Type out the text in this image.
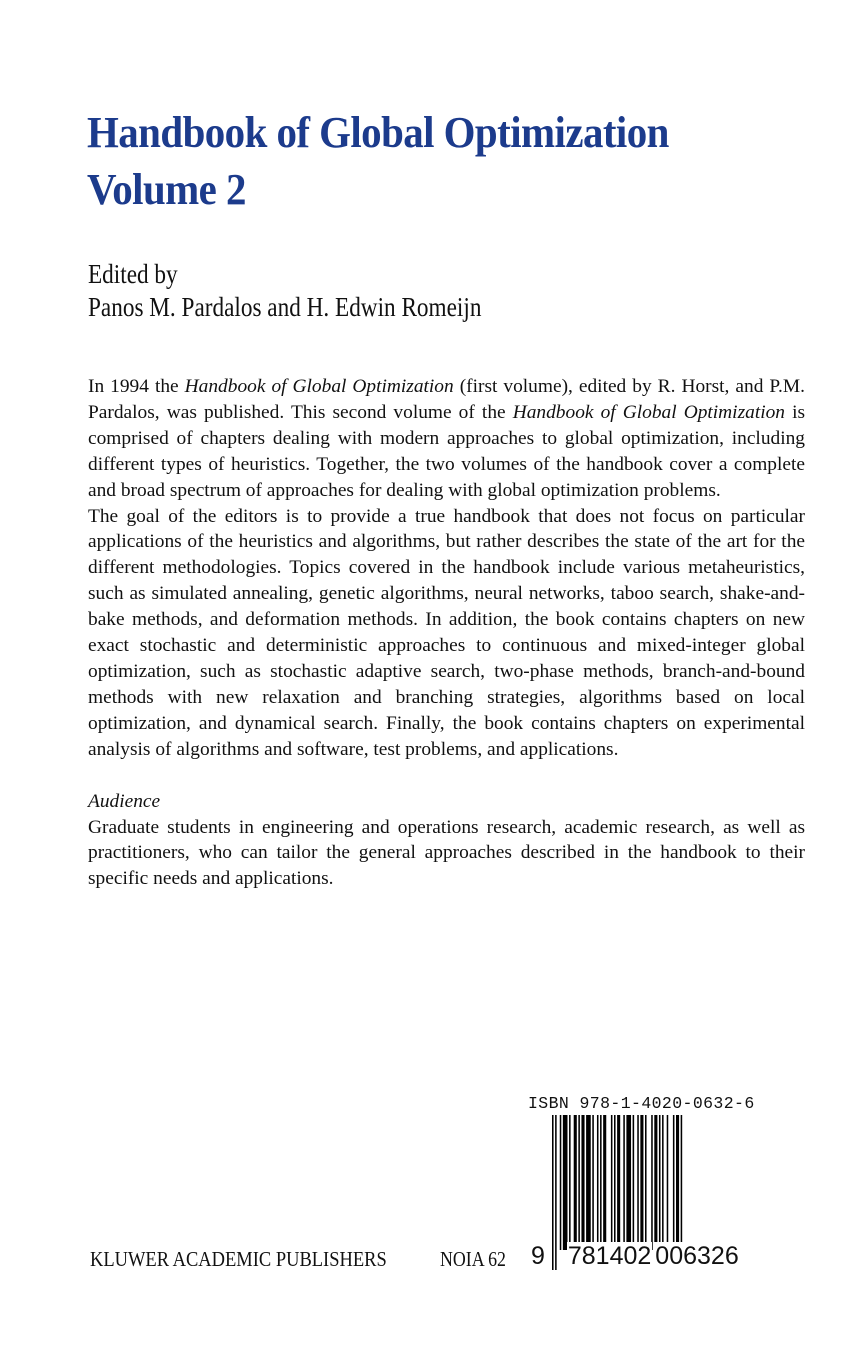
Handbook of Global Optimization
Volume 2
Edited by
Panos M. Pardalos and H. Edwin Romeijn

In 1994 the Handbook of Global Optimization (first volume), edited by R. Horst, and P.M. Pardalos, was published. This second volume of the Handbook of Global Optimization is comprised of chapters dealing with modern approaches to global optimization, including different types of heuristics. Together, the two volumes of the handbook cover a complete and broad spectrum of approaches for dealing with global optimization problems.

The goal of the editors is to provide a true handbook that does not focus on particular applications of the heuristics and algorithms, but rather describes the state of the art for the different methodologies. Topics covered in the handbook include various metaheuristics, such as simulated annealing, genetic algorithms, neural networks, taboo search, shake-and-bake methods, and deformation methods. In addition, the book contains chapters on new exact stochastic and deterministic approaches to continuous and mixed-integer global optimization, such as stochastic adaptive search, two-phase methods, branch-and-bound methods with new relaxation and branching strategies, algorithms based on local optimization, and dynamical search. Finally, the book contains chapters on experimental analysis of algorithms and software, test problems, and applications.

Audience

Graduate students in engineering and operations research, academic research, as well as practitioners, who can tailor the general approaches described in the handbook to their specific needs and applications.

ISBN 978-1-4020-0632-6
9 781402 006326
KLUWER ACADEMIC PUBLISHERS	NOIA 62
